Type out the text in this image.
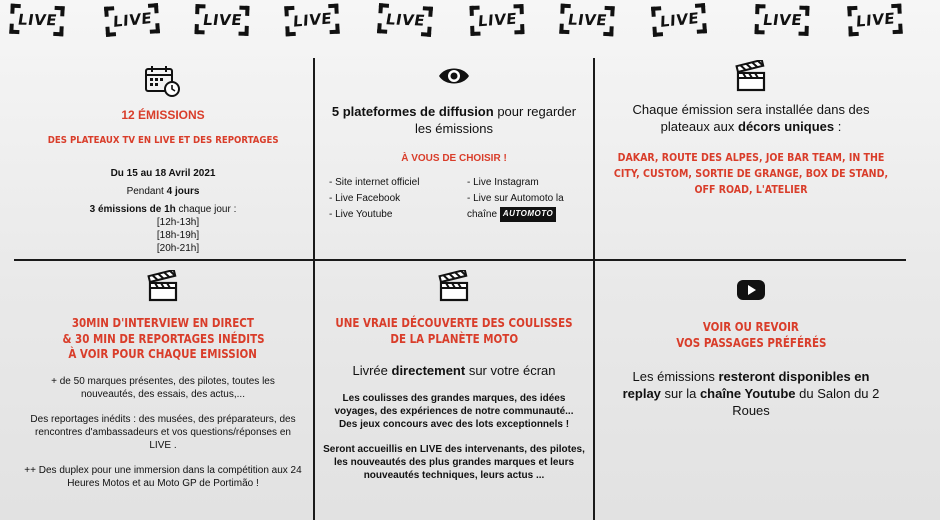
LIVE	LIVE	LIVE	LIVE	LIVE	LIVE	LIVE	LIVE	LIVE	LIVE
12 ÉMISSIONS
DES PLATEAUX TV EN LIVE ET DES REPORTAGES
Du 15 au 18 Avril 2021
Pendant 4 jours
3 émissions de 1h chaque jour :
[12h-13h]
[18h-19h]
[20h-21h]
5 plateformes de diffusion pour regarder les émissions
À VOUS DE CHOISIR !
- Site internet officiel
- Live Facebook
- Live Youtube
- Live Instagram
- Live sur Automoto la
chaîne AUTOMOTO
Chaque émission sera installée dans des plateaux aux décors uniques :
DAKAR, ROUTE DES ALPES, JOE BAR TEAM, IN THE CITY, CUSTOM, SORTIE DE GRANGE, BOX DE STAND, OFF ROAD, L'ATELIER
30MIN D'INTERVIEW EN DIRECT
& 30 MIN DE REPORTAGES INÉDITS
À VOIR POUR CHAQUE EMISSION
+ de 50 marques présentes, des pilotes, toutes les nouveautés, des essais, des actus,...
Des reportages inédits : des musées, des préparateurs, des rencontres d'ambassadeurs et vos questions/réponses en LIVE .
++ Des duplex pour une immersion dans la compétition aux 24 Heures Motos et au Moto GP de Portimão !
UNE VRAIE DÉCOUVERTE DES COULISSES
DE LA PLANÈTE MOTO
Livrée directement sur votre écran
Les coulisses des grandes marques, des idées voyages, des expériences de notre communauté... Des jeux concours avec des lots exceptionnels !
Seront accueillis en LIVE des intervenants, des pilotes, les nouveautés des plus grandes marques et leurs nouveautés techniques, leurs actus ...
VOIR OU REVOIR
VOS PASSAGES PRÉFÉRÉS
Les émissions resteront disponibles en replay sur la chaîne Youtube du Salon du 2 Roues
